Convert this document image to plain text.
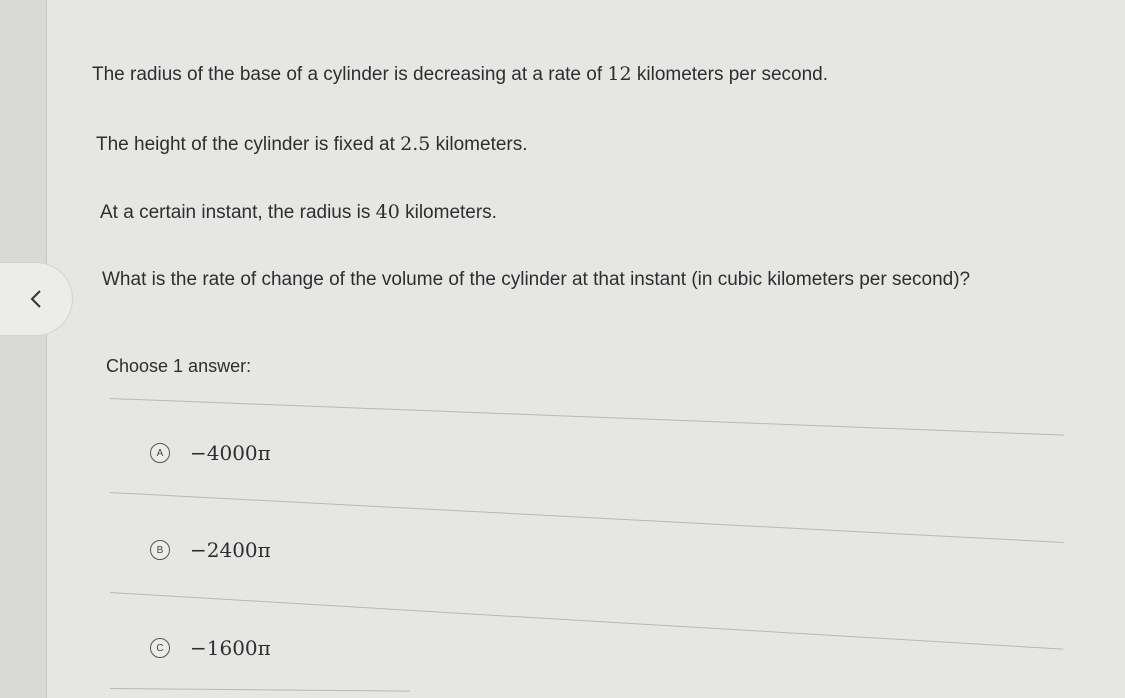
The radius of the base of a cylinder is decreasing at a rate of 12 kilometers per second.
The height of the cylinder is fixed at 2.5 kilometers.
At a certain instant, the radius is 40 kilometers.
What is the rate of change of the volume of the cylinder at that instant (in cubic kilometers per second)?
Choose 1 answer:
A	−4000π
B	−2400π
C	−1600π
